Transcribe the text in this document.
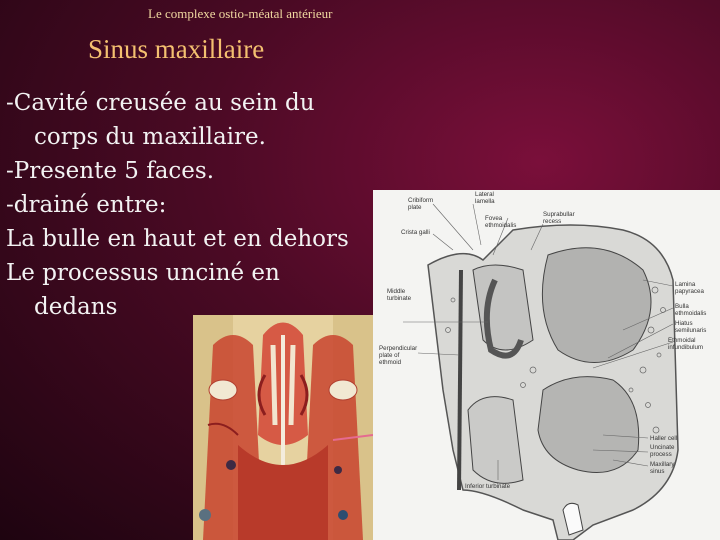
Le complexe ostio-méatal antérieur
Sinus maxillaire
-Cavité creusée au sein du
corps du maxillaire.
-Presente 5 faces.
-drainé entre:
La bulle en haut et en dehors
Le processus unciné en
dedans
Cribiform plate
Lateral lamella
Crista galli
Fovea ethmoidalis
Suprabullar recess
Lamina papyracea
Bulla ethmoidalis
Hiatus semilunaris
Ethmoidal infundibulum
Middle turbinate
Perpendicular plate of ethmoid
Haller cell
Uncinate process
Maxillary sinus
Inferior turbinate
